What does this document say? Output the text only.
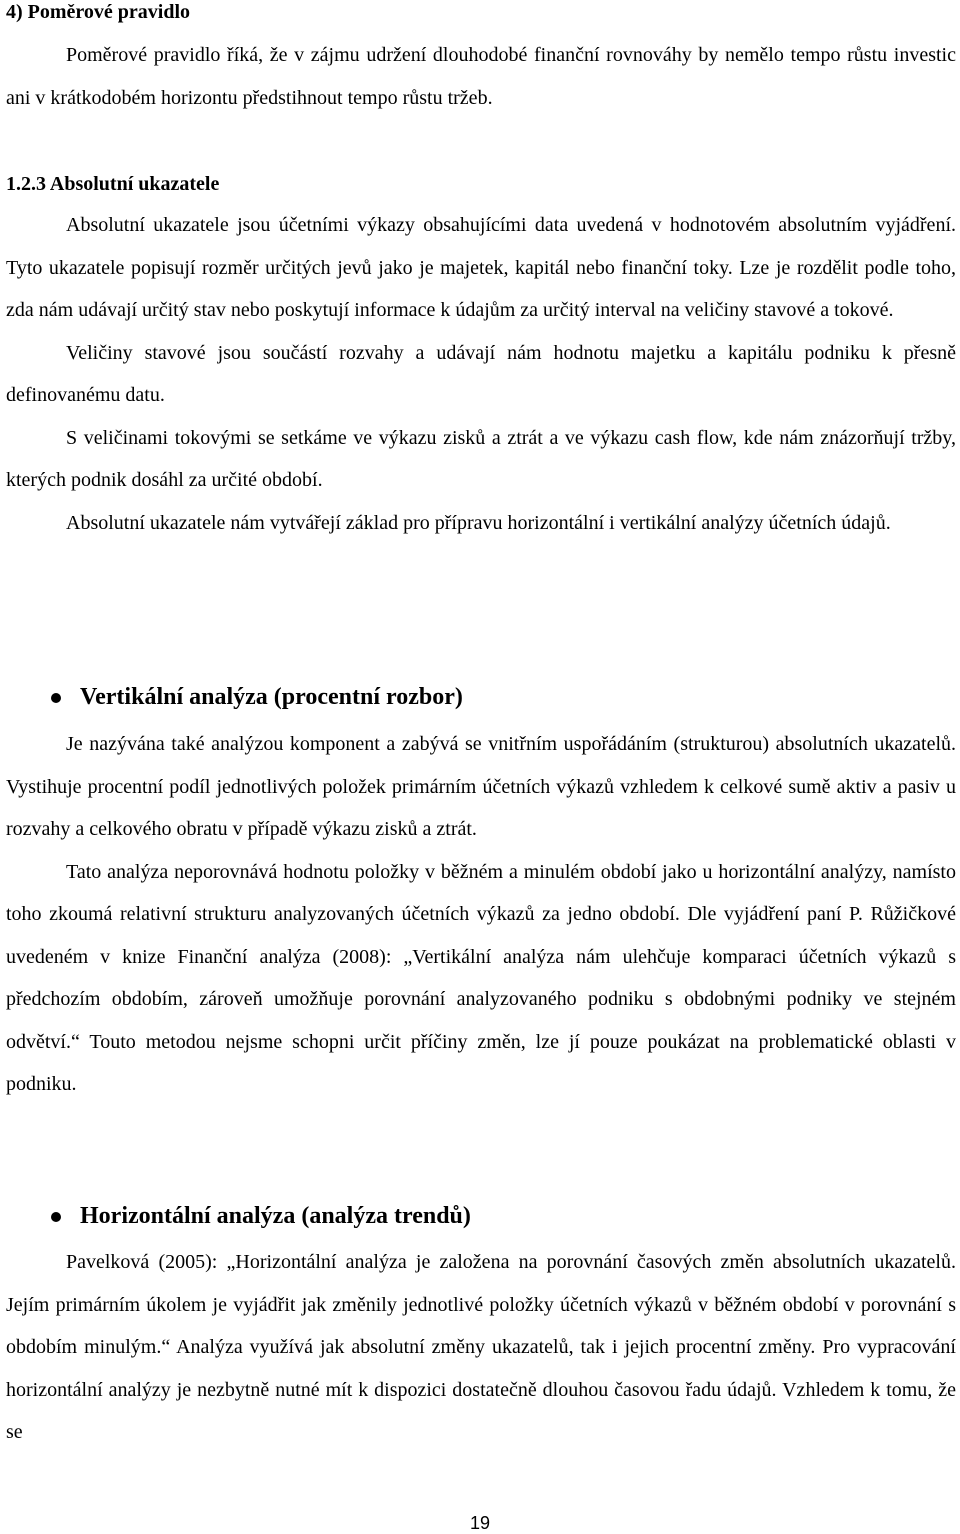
4) Poměrové pravidlo

Poměrové pravidlo říká, že v zájmu udržení dlouhodobé finanční rovnováhy by nemělo tempo růstu investic ani v krátkodobém horizontu předstihnout tempo růstu tržeb.

1.2.3 Absolutní ukazatele

Absolutní ukazatele jsou účetními výkazy obsahujícími data uvedená v hodnotovém absolutním vyjádření. Tyto ukazatele popisují rozměr určitých jevů jako je majetek, kapitál nebo finanční toky. Lze je rozdělit podle toho, zda nám udávají určitý stav nebo poskytují informace k údajům za určitý interval na veličiny stavové a tokové.

Veličiny stavové jsou součástí rozvahy a udávají nám hodnotu majetku a kapitálu podniku k přesně definovanému datu.

S veličinami tokovými se setkáme ve výkazu zisků a ztrát a ve výkazu cash flow, kde nám znázorňují tržby, kterých podnik dosáhl za určité období.

Absolutní ukazatele nám vytvářejí základ pro přípravu horizontální i vertikální analýzy účetních údajů.

Vertikální analýza (procentní rozbor)

Je nazývána také analýzou komponent a zabývá se vnitřním uspořádáním (strukturou) absolutních ukazatelů. Vystihuje procentní podíl jednotlivých položek primárním účetních výkazů vzhledem k celkové sumě aktiv a pasiv u rozvahy a celkového obratu v případě výkazu zisků a ztrát.

Tato analýza neporovnává hodnotu položky v běžném a minulém období jako u horizontální analýzy, namísto toho zkoumá relativní strukturu analyzovaných účetních výkazů za jedno období. Dle vyjádření paní P. Růžičkové uvedeném v knize Finanční analýza (2008): „Vertikální analýza nám ulehčuje komparaci účetních výkazů s předchozím obdobím, zároveň umožňuje porovnání analyzovaného podniku s obdobnými podniky ve stejném odvětví.“ Touto metodou nejsme schopni určit příčiny změn, lze jí pouze poukázat na problematické oblasti v podniku.

Horizontální analýza (analýza trendů)

Pavelková (2005): „Horizontální analýza je založena na porovnání časových změn absolutních ukazatelů. Jejím primárním úkolem je vyjádřit jak změnily jednotlivé položky účetních výkazů v běžném období v porovnání s obdobím minulým.“ Analýza využívá jak absolutní změny ukazatelů, tak i jejich procentní změny. Pro vypracování horizontální analýzy je nezbytně nutné mít k dispozici dostatečně dlouhou časovou řadu údajů. Vzhledem k tomu, že se

19
